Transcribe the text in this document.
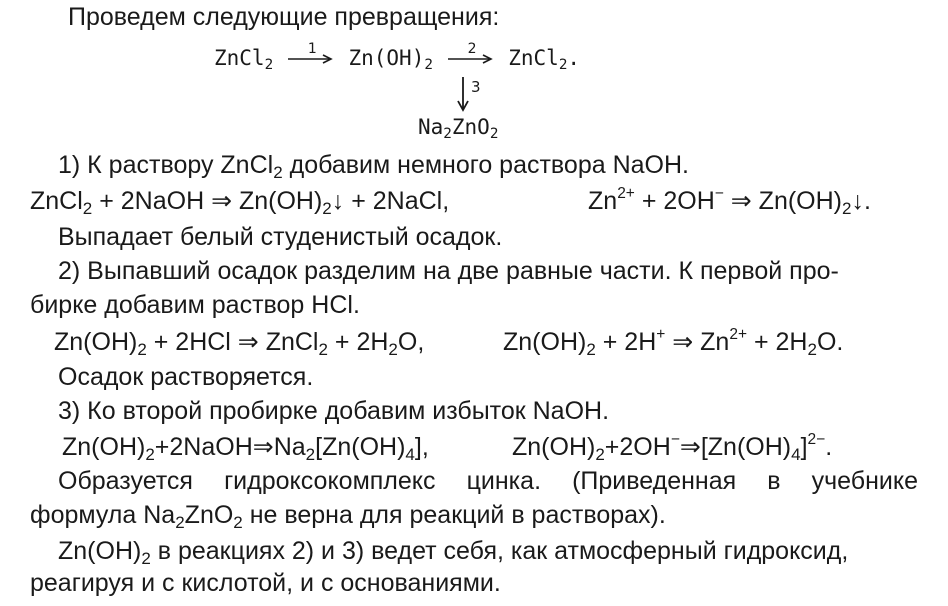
Проведем следующие превращения:
ZnCl$_2$
1 $Zn(OH)_2$
2 ZnCl$_2$.
3
$Na_2ZnO_2$
1) К раствору ZnCl$_2$ добавим немного раствора NaOH.
ZnCl$_2$ + 2NaOH ⇒ $Zn(OH)_2↓$ + 2NaCl,	$Zn^{2+} + 2OH^-$ ⇒ $Zn(OH)_2↓$.
Выпадает белый студенистый осадок.
2) Выпавший осадок разделим на две равные части. К первой про-
бирке добавим раствор HCl.
$Zn(OH)_2 + 2HCl$ ⇒ ZnCl$_2$ + $2H_2O$,	$Zn(OH)_2 + 2H^+$ ⇒ $Zn^{2+} + 2H_2O$.
Осадок растворяется.
3) Ко второй пробирке добавим избыток NaOH.
$Zn(OH)_2+2NaOH\Rightarrow Na_2[Zn(OH)_4]$,	$Zn(OH)_2+2OH^-\Rightarrow[Zn(OH)_4]^{2-}$.
Образуется гидроксокомплекс цинка. (Приведенная в учебнике
формула $Na_2ZnO_2$ не верна для реакций в растворах).
$Zn(OH)_2$ в реакциях 2) и 3) ведет себя, как атмосферный гидроксид,
реагируя и с кислотой, и с основаниями.
